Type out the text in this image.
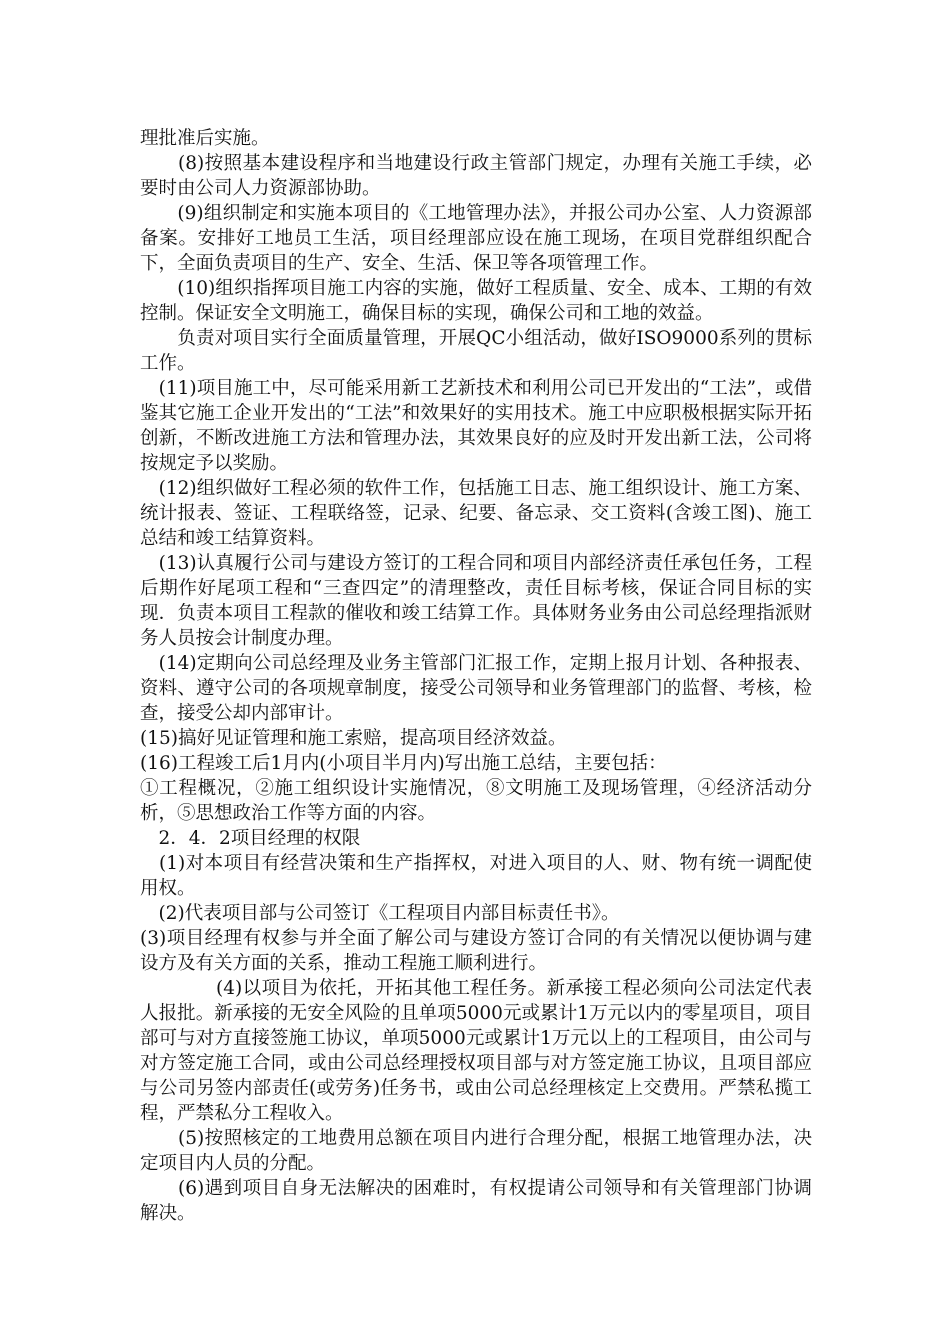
理批准后实施。

　　(8)按照基本建设程序和当地建设行政主管部门规定，办理有关施工手续，必要时由公司人力资源部协助。

　　(9)组织制定和实施本项目的《工地管理办法》，并报公司办公室、人力资源部备案。安排好工地员工生活，项目经理部应设在施工现场，在项目党群组织配合下，全面负责项目的生产、安全、生活、保卫等各项管理工作。

　　(10)组织指挥项目施工内容的实施，做好工程质量、安全、成本、工期的有效控制。保证安全文明施工，确保目标的实现，确保公司和工地的效益。

　　负责对项目实行全面质量管理，开展QC小组活动，做好ISO9000系列的贯标工作。

　(11)项目施工中，尽可能采用新工艺新技术和利用公司已开发出的“工法”，或借鉴其它施工企业开发出的“工法”和效果好的实用技术。施工中应职极根据实际开拓创新，不断改进施工方法和管理办法，其效果良好的应及时开发出新工法，公司将按规定予以奖励。

　(12)组织做好工程必须的软件工作，包括施工日志、施工组织设计、施工方案、统计报表、签证、工程联络签，记录、纪要、备忘录、交工资料(含竣工图)、施工总结和竣工结算资料。

　(13)认真履行公司与建设方签订的工程合同和项目内部经济责任承包任务，工程后期作好尾项工程和“三查四定”的清理整改，责任目标考核，保证合同目标的实现．负责本项目工程款的催收和竣工结算工作。具体财务业务由公司总经理指派财务人员按会计制度办理。

　(14)定期向公司总经理及业务主管部门汇报工作，定期上报月计划、各种报表、资料、遵守公司的各项规章制度，接受公司领导和业务管理部门的监督、考核，检查，接受公却内部审计。

(15)搞好见证管理和施工索赔，提高项目经济效益。

(16)工程竣工后1月内(小项目半月内)写出施工总结，主要包括：

①工程概况，②施工组织设计实施情况，⑧文明施工及现场管理，④经济活动分析，⑤思想政治工作等方面的内容。

　2．4．2项目经理的权限

　(1)对本项目有经营决策和生产指挥权，对进入项目的人、财、物有统一调配使用权。

　(2)代表项目部与公司签订《工程项目内部目标责任书》。

(3)项目经理有权参与并全面了解公司与建设方签订合同的有关情况以便协调与建设方及有关方面的关系，推动工程施工顺利进行。

　　　　(4)以项目为依托，开拓其他工程任务。新承接工程必须向公司法定代表人报批。新承接的无安全风险的且单项5000元或累计1万元以内的零星项目，项目部可与对方直接签施工协议，单项5000元或累计1万元以上的工程项目，由公司与对方签定施工合同，或由公司总经理授权项目部与对方签定施工协议，且项目部应与公司另签内部责任(或劳务)任务书，或由公司总经理核定上交费用。严禁私揽工程，严禁私分工程收入。

　　(5)按照核定的工地费用总额在项目内进行合理分配，根据工地管理办法，决定项目内人员的分配。

　　(6)遇到项目自身无法解决的困难时，有权提请公司领导和有关管理部门协调解决。
